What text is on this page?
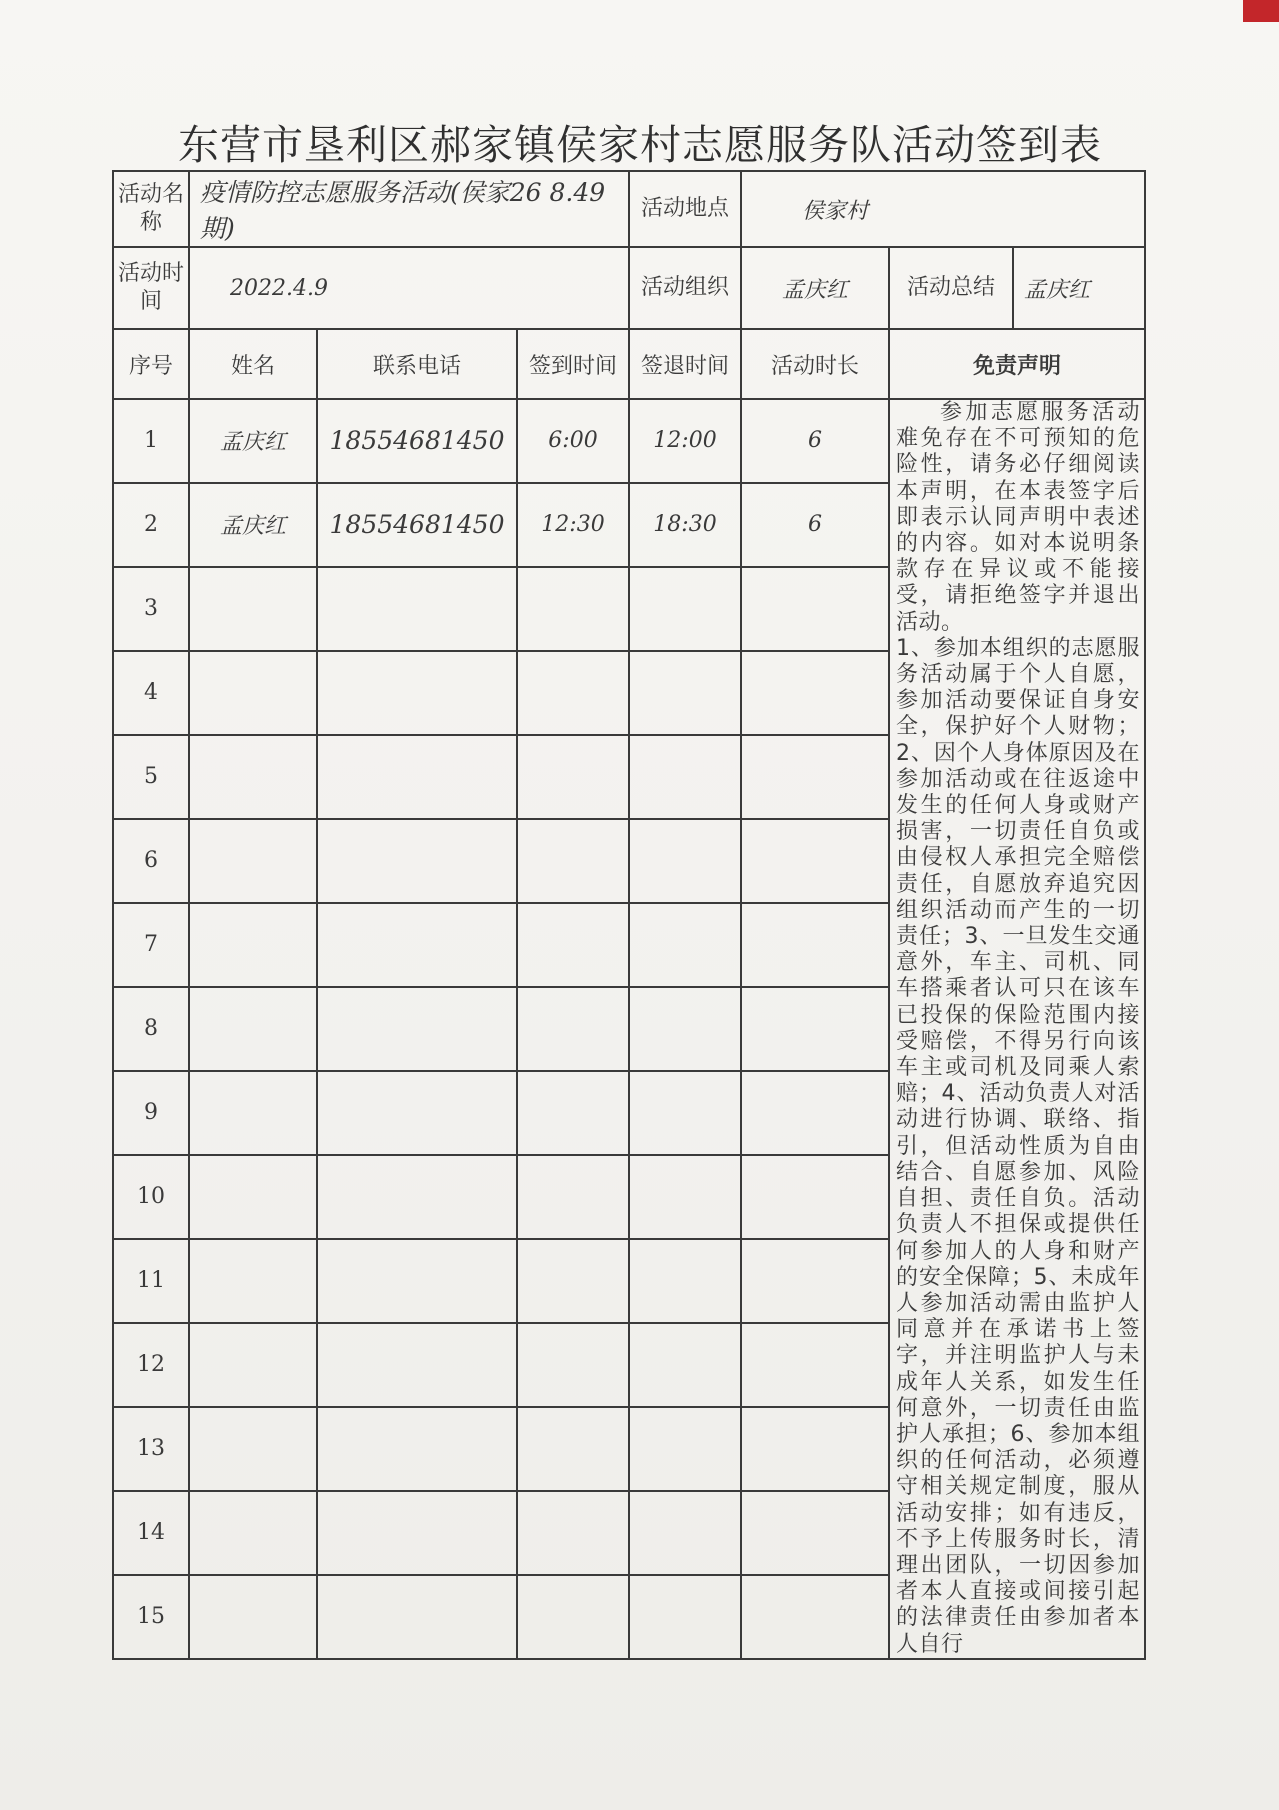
东营市垦利区郝家镇侯家村志愿服务队活动签到表
活动名称	疫情防控志愿服务活动(侯家26 8.49期)			活动地点	侯家村		
活动时间	2022.4.9			活动组织	孟庆红	活动总结	孟庆红
序号	姓名	联系电话	签到时间	签退时间	活动时长	免责声明	
1	孟庆红	18554681450	6:00	12:00	6	参加志愿服务活动难免存在不可预知的危险性，请务必仔细阅读本声明，在本表签字后即表示认同声明中表述的内容。如对本说明条款存在异议或不能接受，请拒绝签字并退出活动。

1、参加本组织的志愿服务活动属于个人自愿，参加活动要保证自身安全，保护好个人财物；2、因个人身体原因及在参加活动或在往返途中发生的任何人身或财产损害，一切责任自负或由侵权人承担完全赔偿责任，自愿放弃追究因组织活动而产生的一切责任；3、一旦发生交通意外，车主、司机、同车搭乘者认可只在该车已投保的保险范围内接受赔偿，不得另行向该车主或司机及同乘人索赔；4、活动负责人对活动进行协调、联络、指引，但活动性质为自由结合、自愿参加、风险自担、责任自负。活动负责人不担保或提供任何参加人的人身和财产的安全保障；5、未成年人参加活动需由监护人同意并在承诺书上签字，并注明监护人与未成年人关系，如发生任何意外，一切责任由监护人承担；6、参加本组织的任何活动，必须遵守相关规定制度，服从活动安排；如有违反，不予上传服务时长，清理出团队，一切因参加者本人直接或间接引起的法律责任由参加者本人自行	

2	孟庆红	18554681450	12:30	18:30	6		
3							
4							
5							
6							
7							
8							
9							
10							
11							
12							
13							
14							
15							
